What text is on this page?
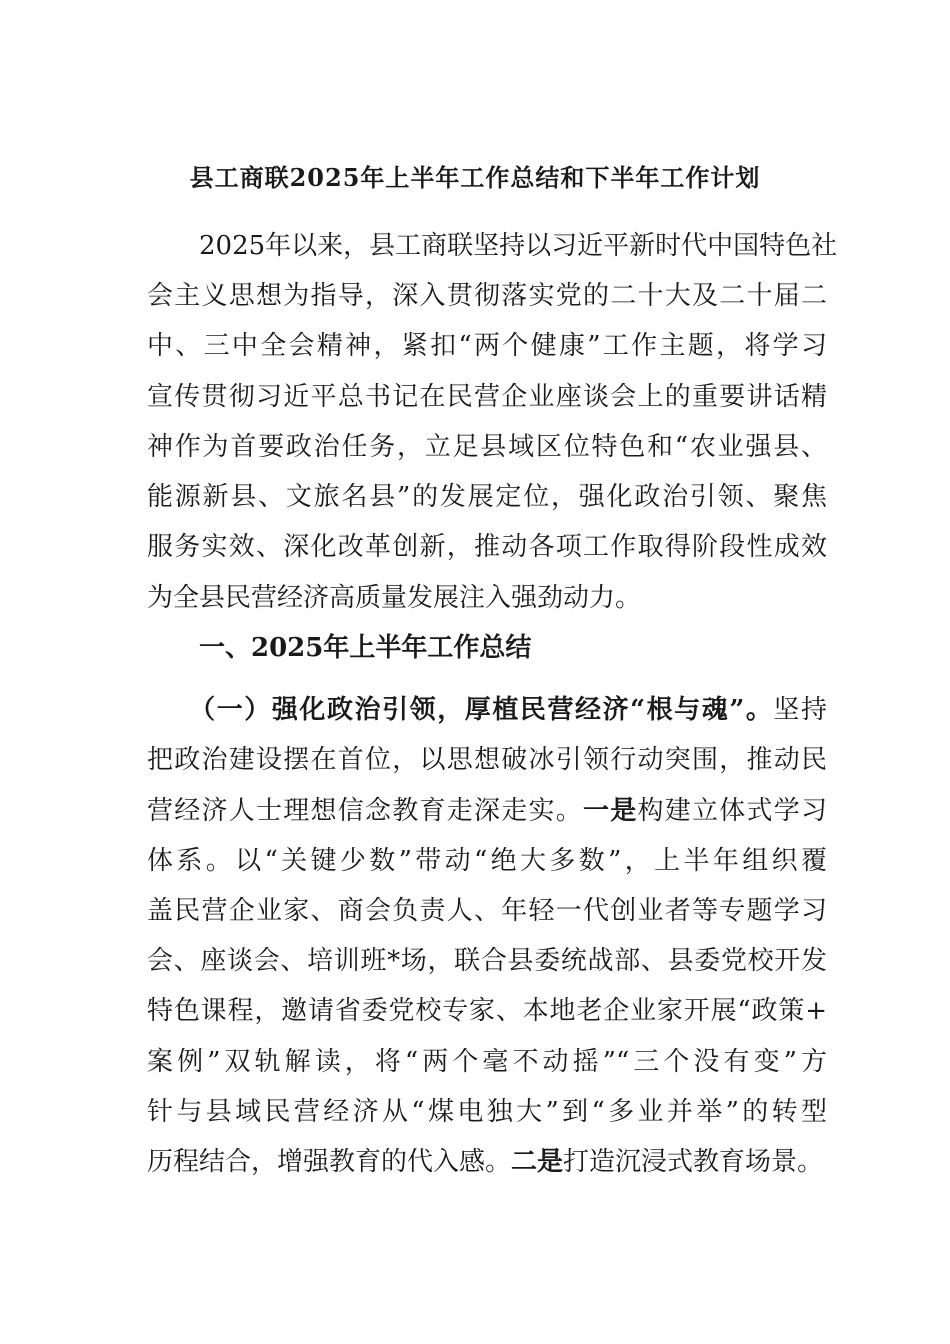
县工商联2025年上半年工作总结和下半年工作计划
　　2025年以来，县工商联坚持以习近平新时代中国特色社
会主义思想为指导，深入贯彻落实党的二十大及二十届二
中、三中全会精神，紧扣“两个健康”工作主题，将学习
宣传贯彻习近平总书记在民营企业座谈会上的重要讲话精
神作为首要政治任务，立足县域区位特色和“农业强县、
能源新县、文旅名县”的发展定位，强化政治引领、聚焦
服务实效、深化改革创新，推动各项工作取得阶段性成效
为全县民营经济高质量发展注入强劲动力。
　　一、2025年上半年工作总结
　　（一）强化政治引领，厚植民营经济“根与魂”。坚持
把政治建设摆在首位，以思想破冰引领行动突围，推动民
营经济人士理想信念教育走深走实。一是构建立体式学习
体系。以“关键少数”带动“绝大多数”，上半年组织覆
盖民营企业家、商会负责人、年轻一代创业者等专题学习
会、座谈会、培训班*场，联合县委统战部、县委党校开发
特色课程，邀请省委党校专家、本地老企业家开展“政策+
案例”双轨解读，将“两个毫不动摇”“三个没有变”方
针与县域民营经济从“煤电独大”到“多业并举”的转型
历程结合，增强教育的代入感。二是打造沉浸式教育场景。
